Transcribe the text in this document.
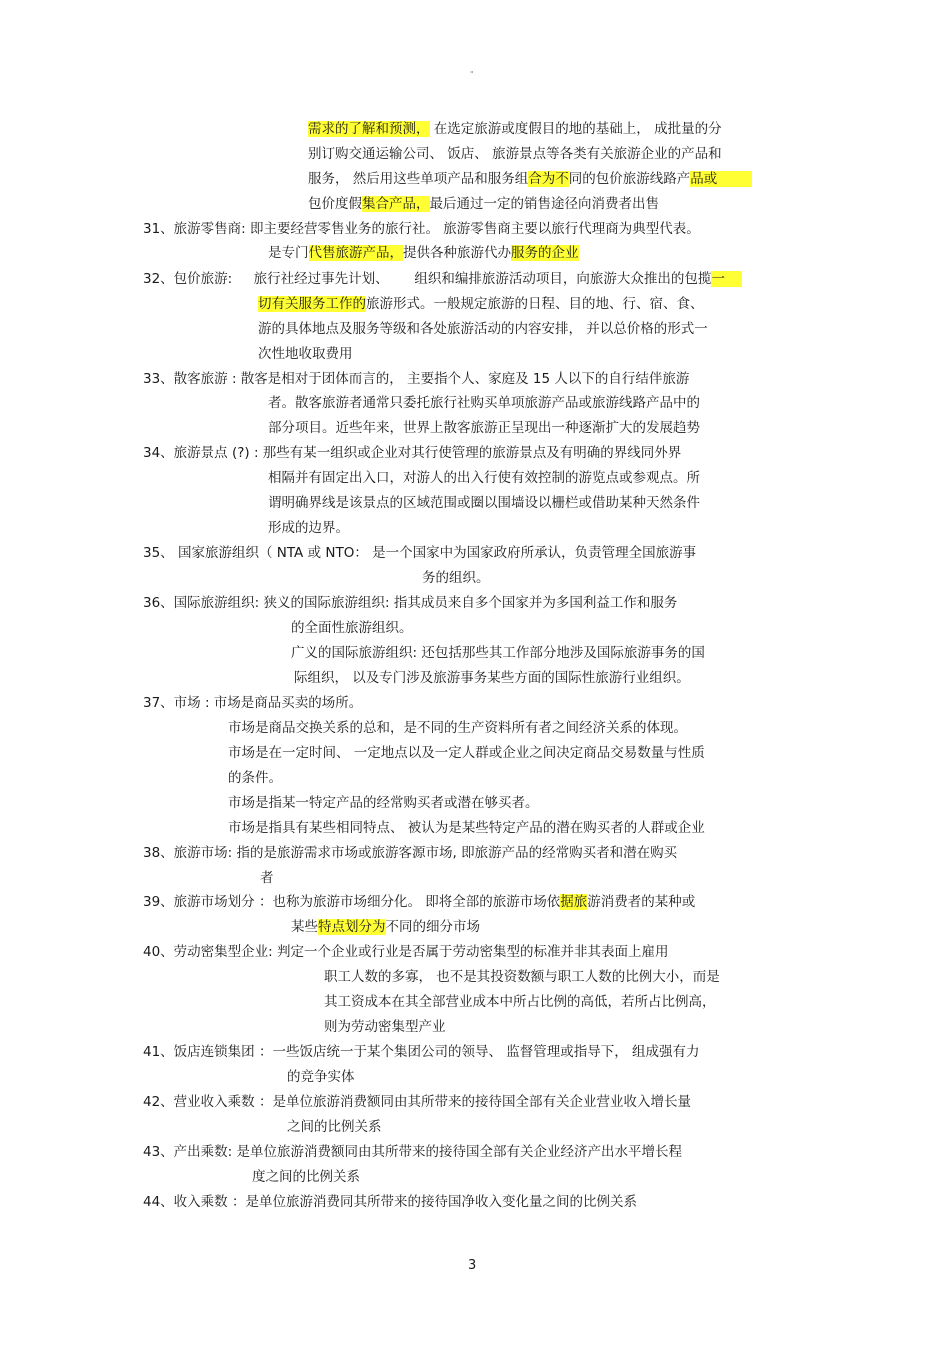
"
需求的了解和预测， 在选定旅游或度假目的地的基础上， 成批量的分
别订购交通运输公司、 饭店、 旅游景点等各类有关旅游企业的产品和
服务， 然后用这些单项产品和服务组合为不同的包价旅游线路产品或
包价度假集合产品，最后通过一定的销售途径向消费者出售
31、旅游零售商: 即主要经营零售业务的旅行社。 旅游零售商主要以旅行代理商为典型代表。
是专门代售旅游产品，提供各种旅游代办服务的企业
32、包价旅游:     旅行社经过事先计划、      组织和编排旅游活动项目，向旅游大众推出的包揽一
切有关服务工作的旅游形式。一般规定旅游的日程、目的地、行、宿、食、
游的具体地点及服务等级和各处旅游活动的内容安排， 并以总价格的形式一
次性地收取费用
33、散客旅游 : 散客是相对于团体而言的， 主要指个人、家庭及 15 人以下的自行结伴旅游
者。散客旅游者通常只委托旅行社购买单项旅游产品或旅游线路产品中的
部分项目。近些年来，世界上散客旅游正呈现出一种逐渐扩大的发展趋势
34、旅游景点 (?) : 那些有某一组织或企业对其行使管理的旅游景点及有明确的界线同外界
相隔并有固定出入口，对游人的出入行使有效控制的游览点或参观点。所
谓明确界线是该景点的区域范围或圈以围墙设以栅栏或借助某种天然条件
形成的边界。
35、 国家旅游组织（ NTA 或 NTO： 是一个国家中为国家政府所承认，负责管理全国旅游事
务的组织。
36、国际旅游组织: 狭义的国际旅游组织: 指其成员来自多个国家并为多国利益工作和服务
的全面性旅游组织。
广义的国际旅游组织: 还包括那些其工作部分地涉及国际旅游事务的国
际组织， 以及专门涉及旅游事务某些方面的国际性旅游行业组织。
37、市场 : 市场是商品买卖的场所。
市场是商品交换关系的总和，是不同的生产资料所有者之间经济关系的体现。
市场是在一定时间、 一定地点以及一定人群或企业之间决定商品交易数量与性质
的条件。
市场是指某一特定产品的经常购买者或潜在够买者。
市场是指具有某些相同特点、 被认为是某些特定产品的潜在购买者的人群或企业
38、旅游市场: 指的是旅游需求市场或旅游客源市场, 即旅游产品的经常购买者和潜在购买
者
39、旅游市场划分 ：也称为旅游市场细分化。 即将全部的旅游市场依据旅游消费者的某种或
某些特点划分为不同的细分市场
40、劳动密集型企业: 判定一个企业或行业是否属于劳动密集型的标准并非其表面上雇用
职工人数的多寡， 也不是其投资数额与职工人数的比例大小，而是
其工资成本在其全部营业成本中所占比例的高低，若所占比例高，
则为劳动密集型产业
41、饭店连锁集团 ：一些饭店统一于某个集团公司的领导、 监督管理或指导下， 组成强有力
的竞争实体
42、营业收入乘数 ：是单位旅游消费额同由其所带来的接待国全部有关企业营业收入增长量
之间的比例关系
43、产出乘数: 是单位旅游消费额同由其所带来的接待国全部有关企业经济产出水平增长程
度之间的比例关系
44、收入乘数 ：是单位旅游消费同其所带来的接待国净收入变化量之间的比例关系
3
